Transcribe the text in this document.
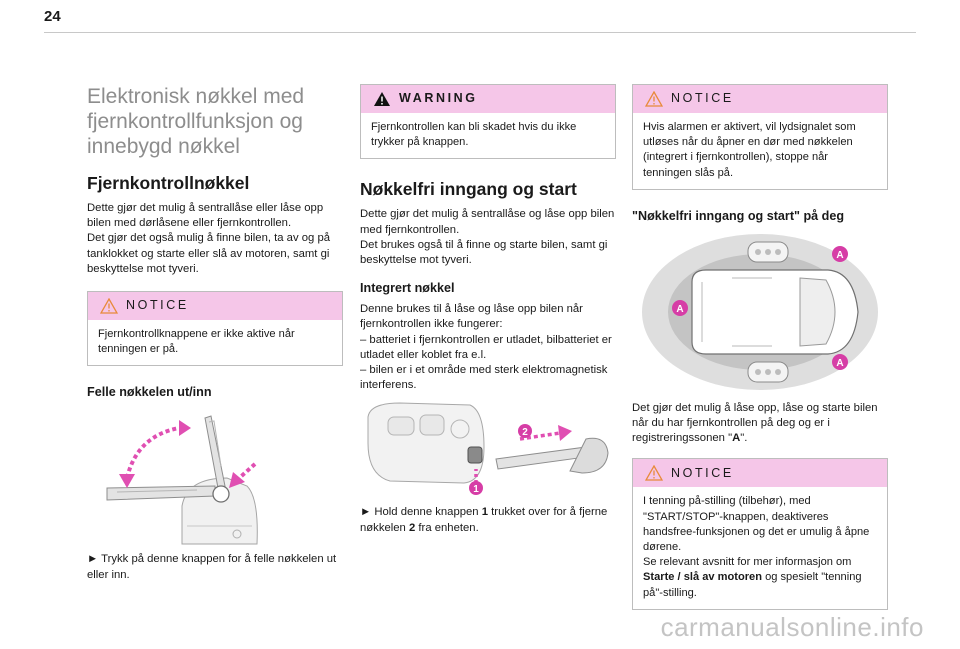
24
Elektronisk nøkkel med fjernkontrollfunksjon og innebygd nøkkel
Fjernkontrollnøkkel

Dette gjør det mulig å sentrallåse eller låse opp bilen med dørlåsene eller fjernkontrollen.

Det gjør det også mulig å finne bilen, ta av og på tanklokket og starte eller slå av motoren, samt gi beskyttelse mot tyveri.

NOTICE
Fjernkontrollknappene er ikke aktive når tenningen er på.
Felle nøkkelen ut/inn

► Trykk på denne knappen for å felle nøkkelen ut eller inn.

WARNING
Fjernkontrollen kan bli skadet hvis du ikke trykker på knappen.
Nøkkelfri inngang og start

Dette gjør det mulig å sentrallåse og låse opp bilen med fjernkontrollen.

Det brukes også til å finne og starte bilen, samt gi beskyttelse mot tyveri.

Integrert nøkkel

Denne brukes til å låse og låse opp bilen når fjernkontrollen ikke fungerer:

– batteriet i fjernkontrollen er utladet, bilbatteriet er utladet eller koblet fra e.l.

– bilen er i et område med sterk elektromagnetisk interferens.

2
1

► Hold denne knappen 1 trukket over for å fjerne nøkkelen 2 fra enheten.

NOTICE
Hvis alarmen er aktivert, vil lydsignalet som utløses når du åpner en dør med nøkkelen (integrert i fjernkontrollen), stoppe når tenningen slås på.
"Nøkkelfri inngang og start" på deg
A
A
A

Det gjør det mulig å låse opp, låse og starte bilen når du har fjernkontrollen på deg og er i registreringssonen "A".

NOTICE

I tenning på-stilling (tilbehør), med "START/STOP"-knappen, deaktiveres handsfree-funksjonen og det er umulig å åpne dørene.

Se relevant avsnitt for mer informasjon om Starte / slå av motoren og spesielt "tenning på"-stilling.

carmanualsonline.info
